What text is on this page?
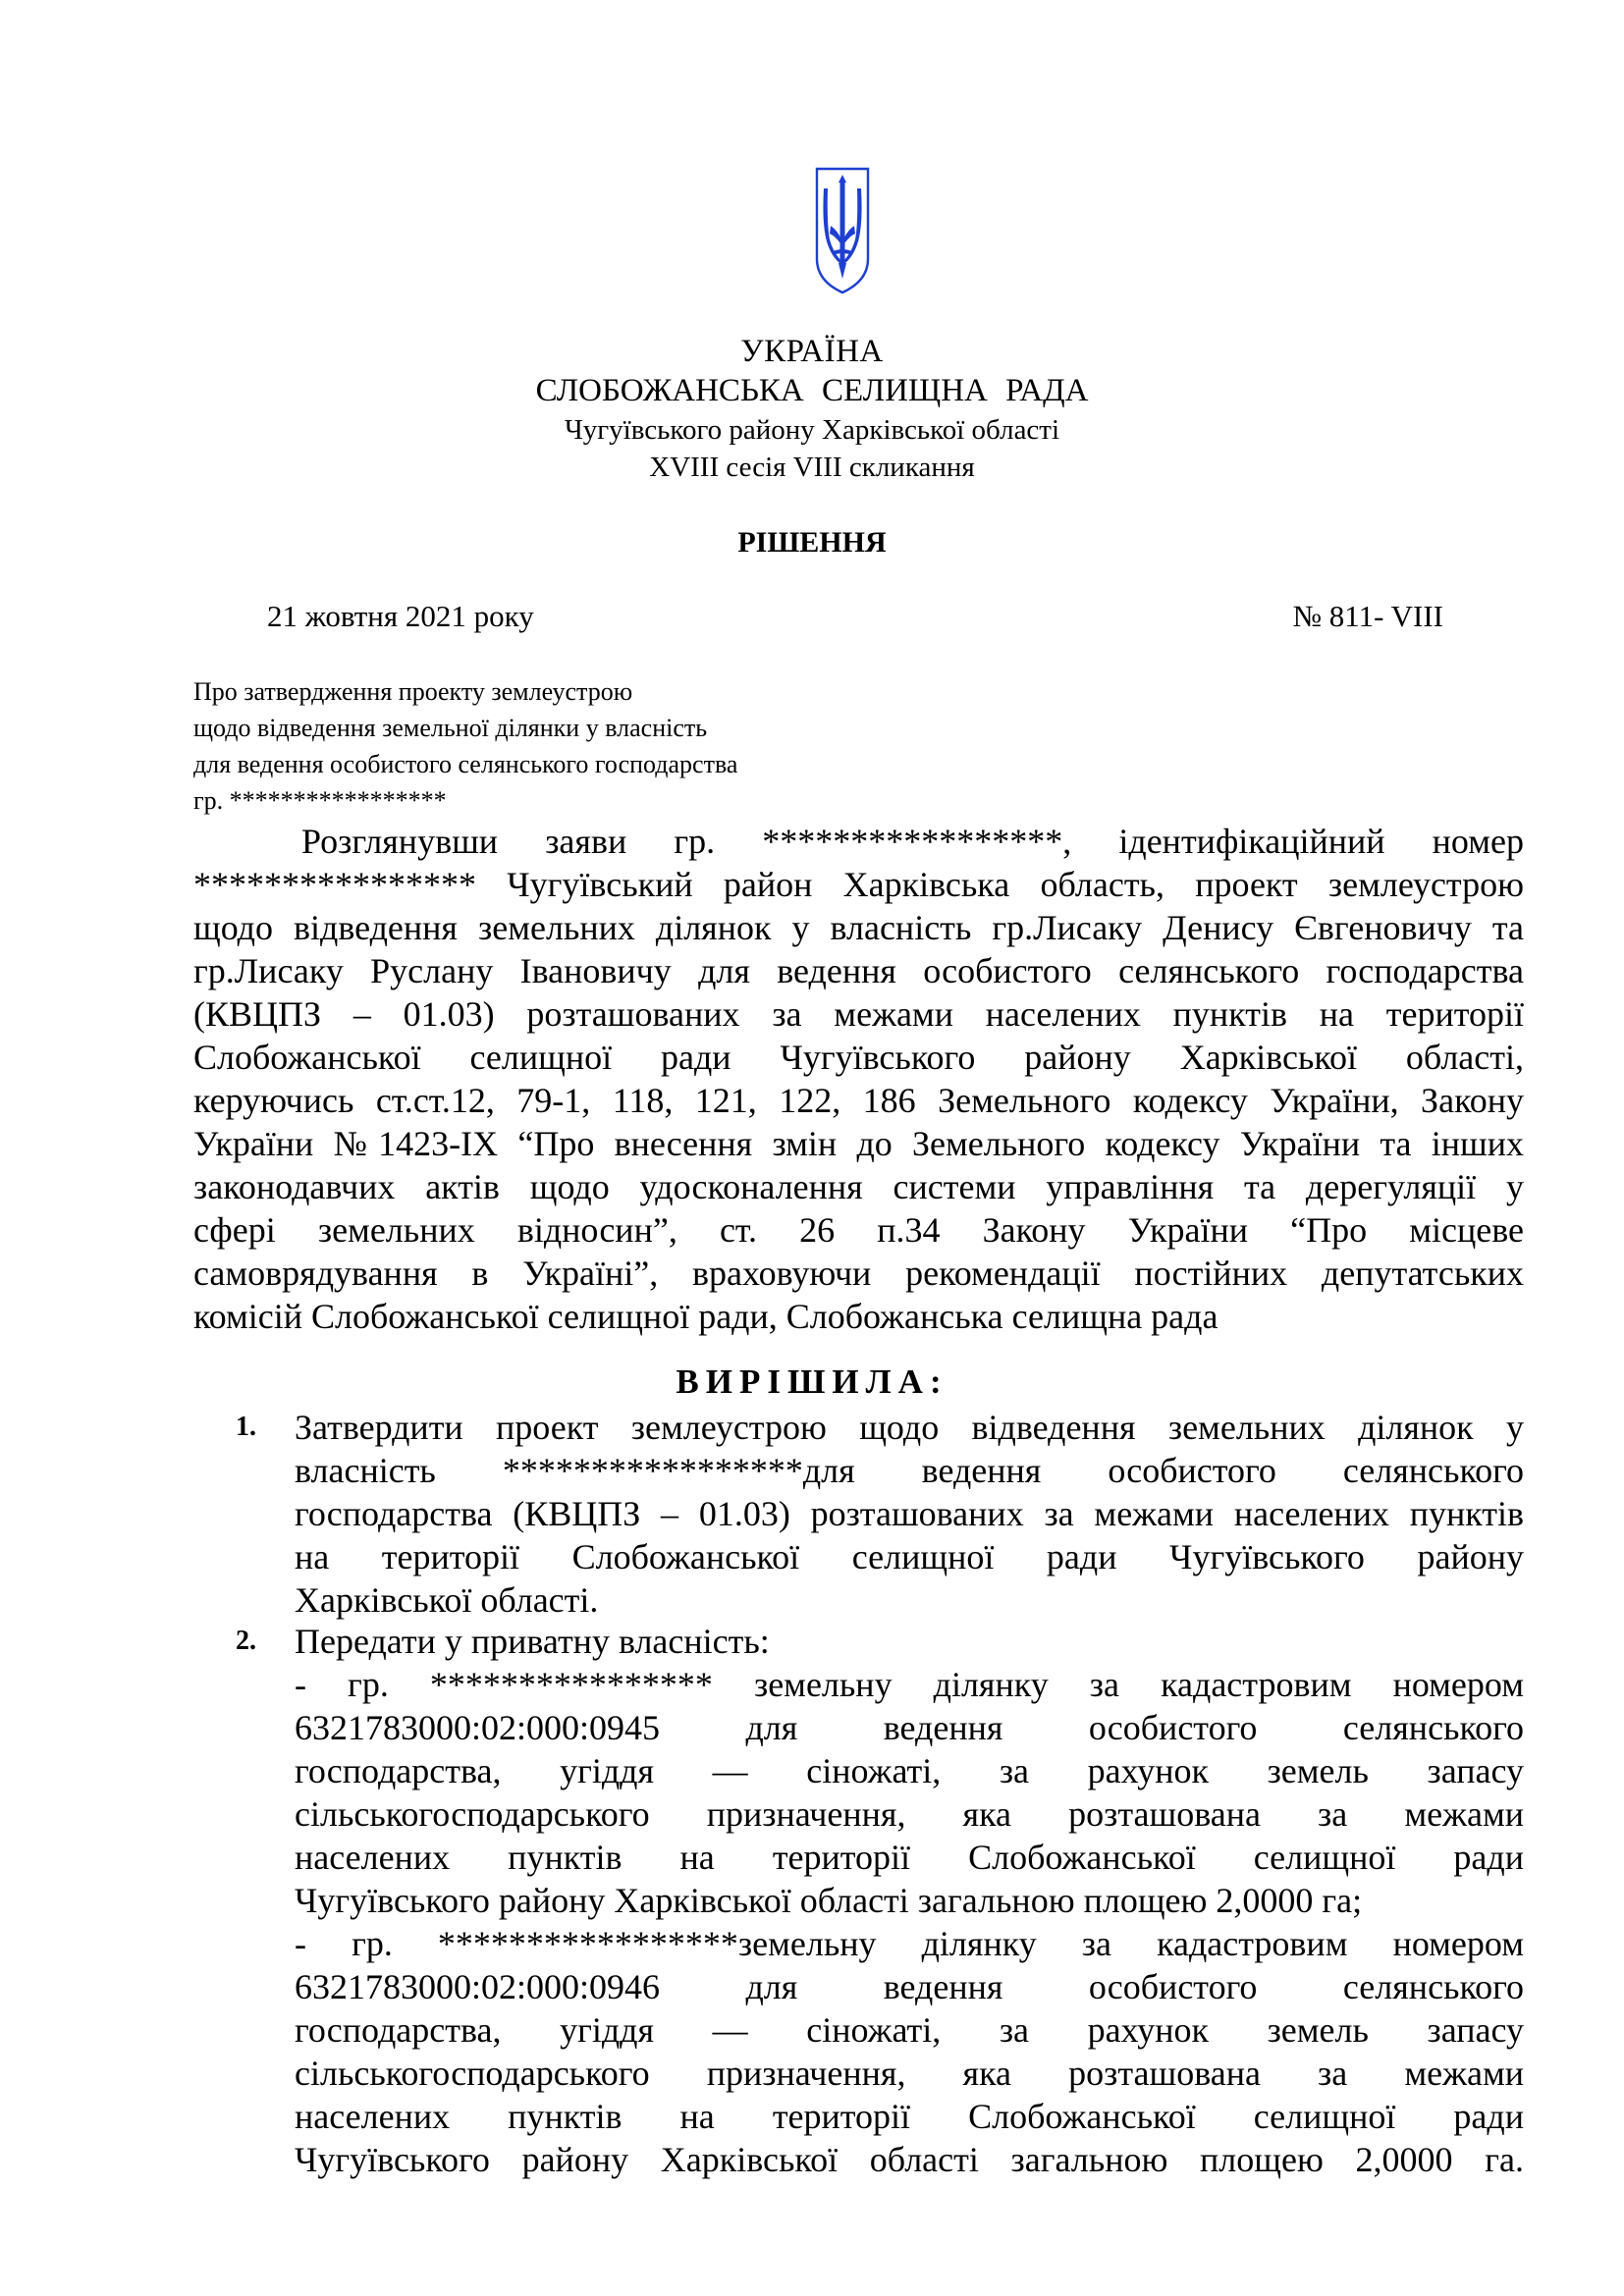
УКРАЇНА
СЛОБОЖАНСЬКА СЕЛИЩНА РАДА
Чугуївського району Харківської області
XVIII сесія VIII скликання
РІШЕННЯ
21 жовтня 2021 року	№ 811- VIII
Про затвердження проекту землеустрою
щодо відведення земельної ділянки у власність
для ведення особистого селянського господарства
гр. *****************
Розглянувши заяви гр. *****************, ідентифікаційний номер
**************** Чугуївський район Харківська область, проект землеустрою
щодо відведення земельних ділянок у власність гр.Лисаку Денису Євгеновичу та
гр.Лисаку Руслану Івановичу для ведення особистого селянського господарства
(КВЦПЗ – 01.03) розташованих за межами населених пунктів на території
Слобожанської селищної ради Чугуївського району Харківської області,
керуючись ст.ст.12, 79-1, 118, 121, 122, 186 Земельного кодексу України, Закону
України №1423-IX “Про внесення змін до Земельного кодексу України та інших
законодавчих актів щодо удосконалення системи управління та дерегуляції у
сфері земельних відносин”, ст. 26 п.34 Закону України “Про місцеве
самоврядування в Україні”, враховуючи рекомендації постійних депутатських
комісій Слобожанської селищної ради, Слобожанська селищна рада
ВИРІШИЛА:
1. Затвердити проект землеустрою щодо відведення земельних ділянок у
власність *****************для ведення особистого селянського
господарства (КВЦПЗ – 01.03) розташованих за межами населених пунктів
на території Слобожанської селищної ради Чугуївського району
Харківської області.
2. Передати у приватну власність:
- гр. **************** земельну ділянку за кадастровим номером
6321783000:02:000:0945 для ведення особистого селянського
господарства, угіддя — сіножаті, за рахунок земель запасу
сільськогосподарського призначення, яка розташована за межами
населених пунктів на території Слобожанської селищної ради
Чугуївського району Харківської області загальною площею 2,0000 га;
- гр. *****************земельну ділянку за кадастровим номером
6321783000:02:000:0946 для ведення особистого селянського
господарства, угіддя — сіножаті, за рахунок земель запасу
сільськогосподарського призначення, яка розташована за межами
населених пунктів на території Слобожанської селищної ради
Чугуївського району Харківської області загальною площею 2,0000 га.
